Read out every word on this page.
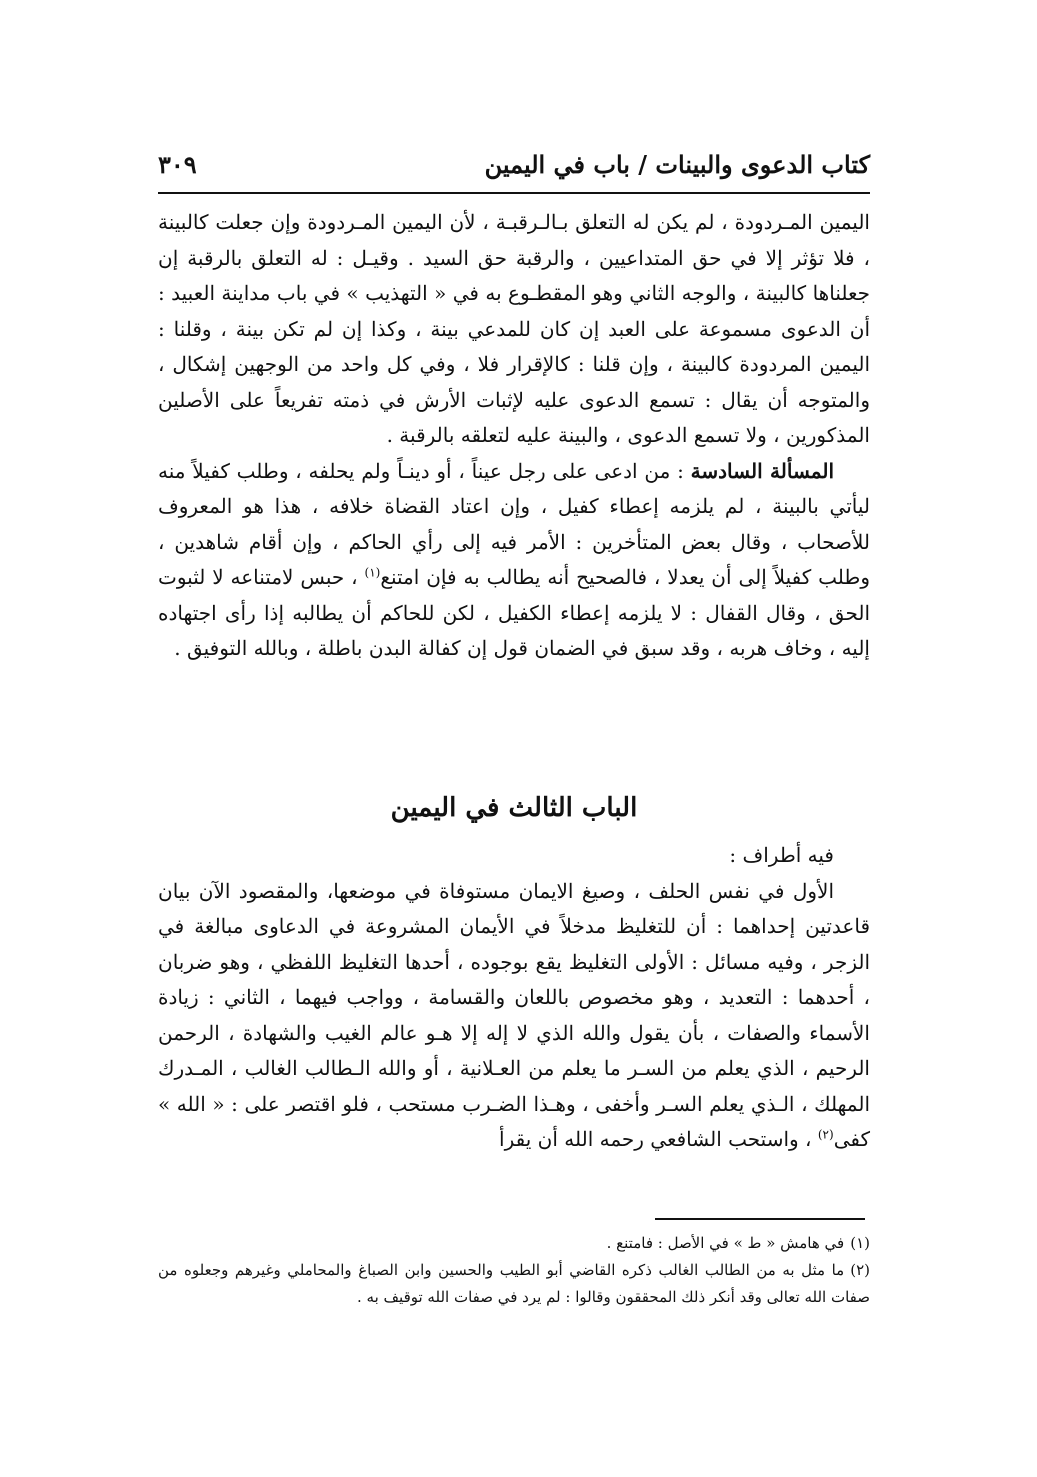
كتاب الدعوى والبينات / باب في اليمين
٣٠٩

اليمين المـردودة ، لم يكن له التعلق بـالـرقبـة ، لأن اليمين المـردودة وإن جعلت كالبينة ، فلا تؤثر إلا في حق المتداعيين ، والرقبة حق السيد . وقيـل : له التعلق بالرقبة إن جعلناها كالبينة ، والوجه الثاني وهو المقطـوع به في « التهذيب » في باب مداينة العبيد : أن الدعوى مسموعة على العبد إن كان للمدعي بينة ، وكذا إن لم تكن بينة ، وقلنا : اليمين المردودة كالبينة ، وإن قلنا : كالإقرار فلا ، وفي كل واحد من الوجهين إشكال ، والمتوجه أن يقال : تسمع الدعوى عليه لإثبات الأرش في ذمته تفريعاً على الأصلين المذكورين ، ولا تسمع الدعوى ، والبينة عليه لتعلقه بالرقبة .

المسألة السادسة : من ادعى على رجل عيناً ، أو دينـاً ولم يحلفه ، وطلب كفيلاً منه ليأتي بالبينة ، لم يلزمه إعطاء كفيل ، وإن اعتاد القضاة خلافه ، هذا هو المعروف للأصحاب ، وقال بعض المتأخرين : الأمر فيه إلى رأي الحاكم ، وإن أقام شاهدين ، وطلب كفيلاً إلى أن يعدلا ، فالصحيح أنه يطالب به فإن امتنع$^{(١)}$ ، حبس لامتناعه لا لثبوت الحق ، وقال القفال : لا يلزمه إعطاء الكفيل ، لكن للحاكم أن يطالبه إذا رأى اجتهاده إليه ، وخاف هربه ، وقد سبق في الضمان قول إن كفالة البدن باطلة ، وبالله التوفيق .

الباب الثالث في اليمين

فيه أطراف :

الأول في نفس الحلف ، وصيغ الايمان مستوفاة في موضعها، والمقصود الآن بيان قاعدتين إحداهما : أن للتغليظ مدخلاً في الأيمان المشروعة في الدعاوى مبالغة في الزجر ، وفيه مسائل : الأولى التغليظ يقع بوجوده ، أحدها التغليظ اللفظي ، وهو ضربان ، أحدهما : التعديد ، وهو مخصوص باللعان والقسامة ، وواجب فيهما ، الثاني : زيادة الأسماء والصفات ، بأن يقول والله الذي لا إله إلا هـو عالم الغيب والشهادة ، الرحمن الرحيم ، الذي يعلم من السـر ما يعلم من العـلانية ، أو والله الـطالب الغالب ، المـدرك المهلك ، الـذي يعلم السـر وأخفى ، وهـذا الضـرب مستحب ، فلو اقتصر على : « الله » كفى$^{(٢)}$ ، واستحب الشافعي رحمه الله أن يقرأ

(١)في هامش « ط » في الأصل : فامتنع .

(٢)ما مثل به من الطالب الغالب ذكره القاضي أبو الطيب والحسين وابن الصباغ والمحاملي وغيرهم وجعلوه من صفات الله تعالى وقد أنكر ذلك المحققون وقالوا : لم يرد في صفات الله توقيف به .
